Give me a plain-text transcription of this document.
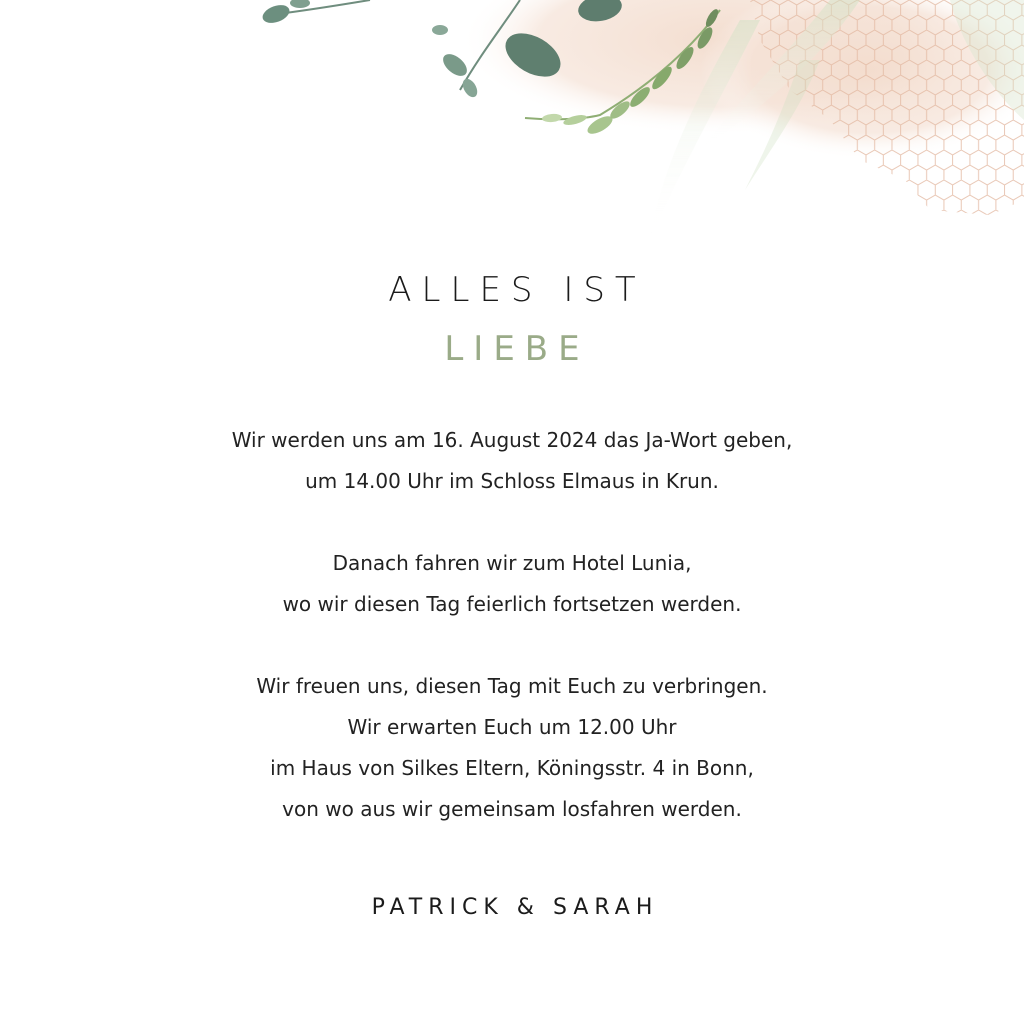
ALLES IST
LIEBE
Wir werden uns am 16. August 2024 das Ja-Wort geben,
um 14.00 Uhr im Schloss Elmaus in Krun.
Danach fahren wir zum Hotel Lunia,
wo wir diesen Tag feierlich fortsetzen werden.
Wir freuen uns, diesen Tag mit Euch zu verbringen.
Wir erwarten Euch um 12.00 Uhr
im Haus von Silkes Eltern, Köningsstr. 4 in Bonn,
von wo aus wir gemeinsam losfahren werden.
PATRICK & SARAH
